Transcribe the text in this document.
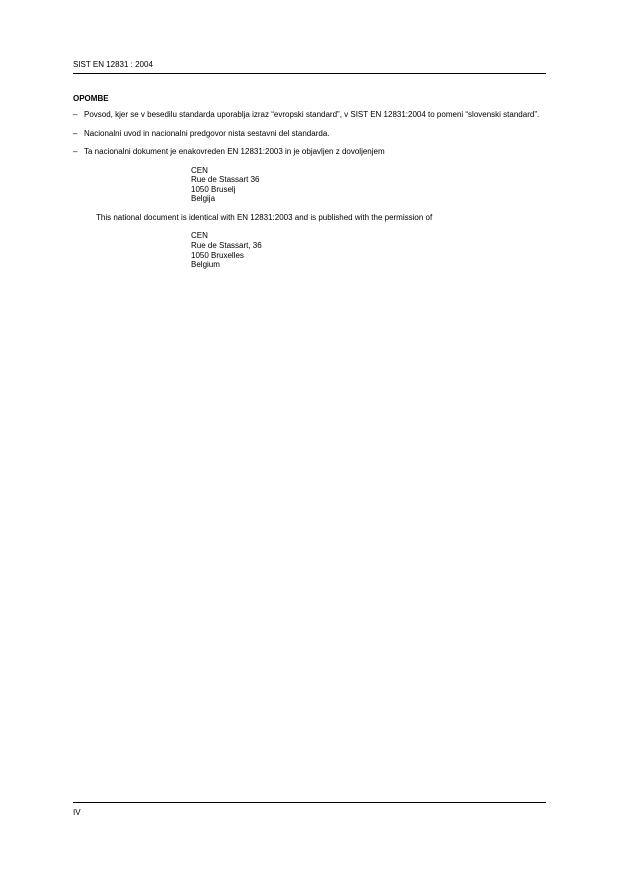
SIST EN 12831 : 2004
OPOMBE
– Povsod, kjer se v besedilu standarda uporablja izraz “evropski standard”, v SIST EN 12831:2004 to pomeni “slovenski standard”.
– Nacionalni uvod in nacionalni predgovor nista sestavni del standarda.
– Ta nacionalni dokument je enakovreden EN 12831:2003 in je objavljen z dovoljenjem
CEN
Rue de Stassart 36
1050 Bruselj
Belgija
This national document is identical with EN 12831:2003 and is published with the permission of
CEN
Rue de Stassart, 36
1050 Bruxelles
Belgium
IV
